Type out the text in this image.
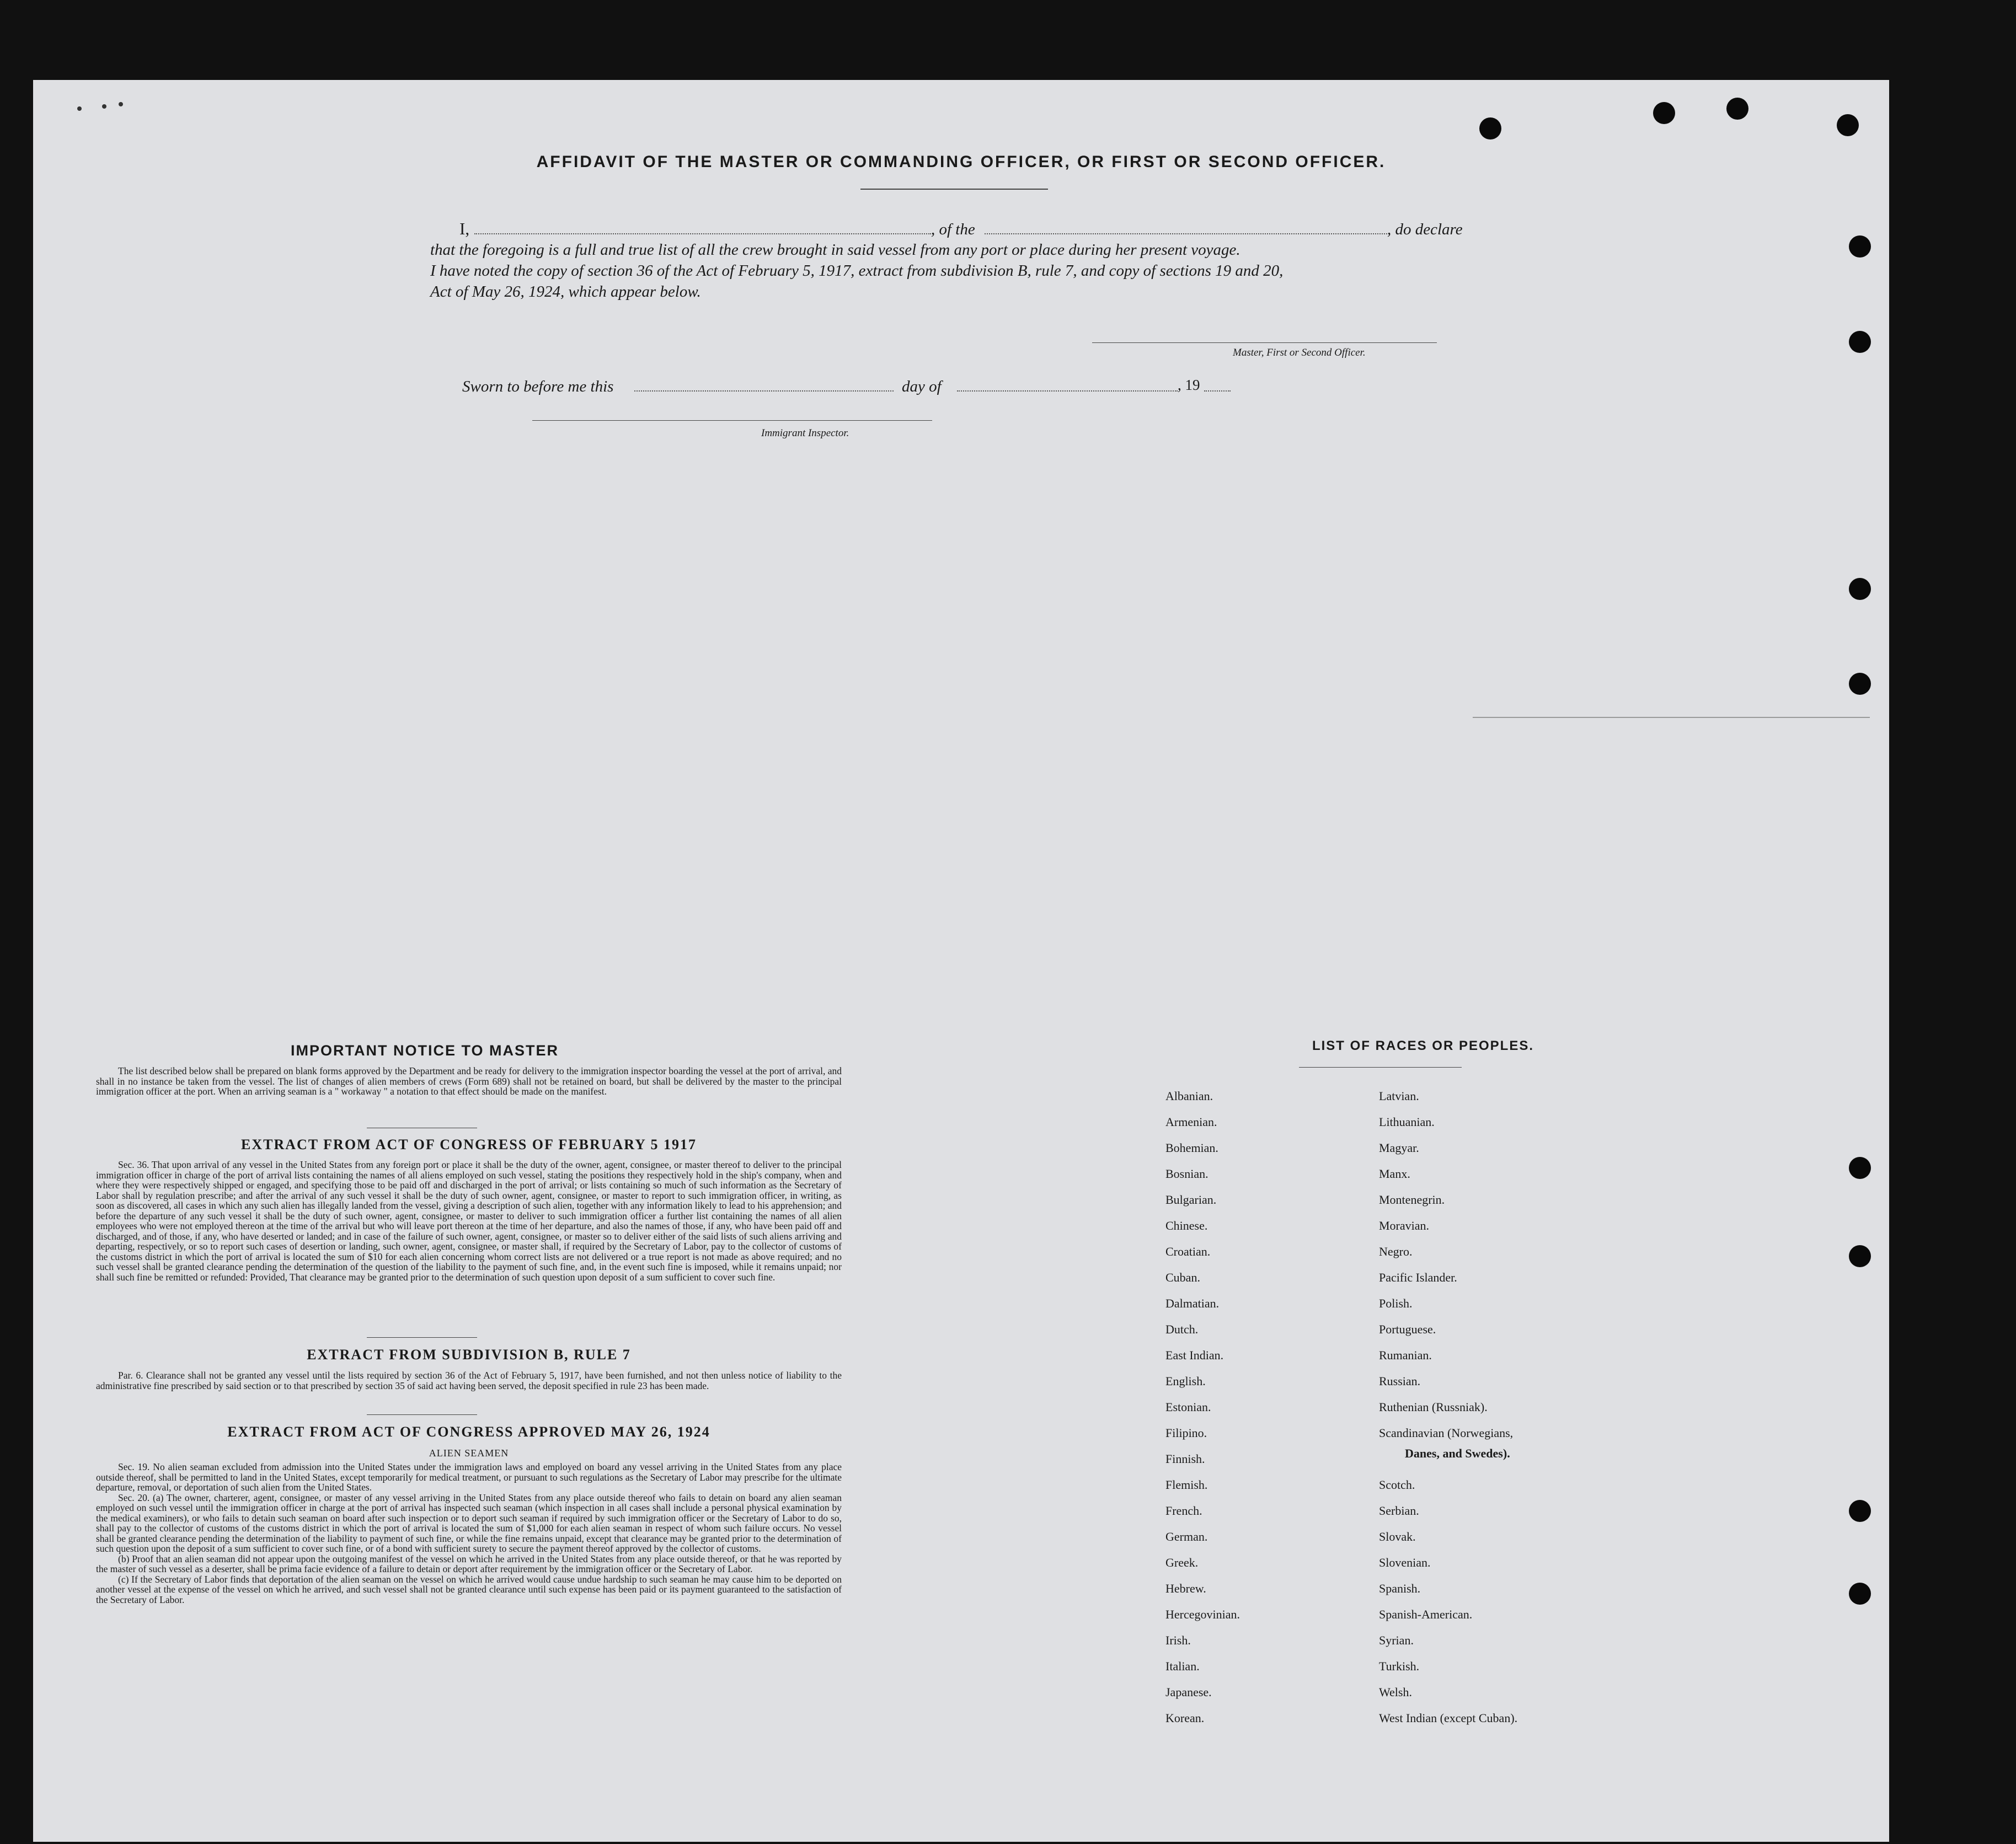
AFFIDAVIT OF THE MASTER OR COMMANDING OFFICER, OR FIRST OR SECOND OFFICER.
I,	, of the	, do declare
that the foregoing is a full and true list of all the crew brought in said vessel from any port or place during her present voyage.
I have noted the copy of section 36 of the Act of February 5, 1917, extract from subdivision B, rule 7, and copy of sections 19 and 20,
Act of May 26, 1924, which appear below.
Master, First or Second Officer.
Sworn to before me this	day of	, 19
Immigrant Inspector.
IMPORTANT NOTICE TO MASTER
The list described below shall be prepared on blank forms approved by the Department and be ready for delivery to the immigration inspector boarding the vessel at the port of arrival, and shall in no instance be taken from the vessel. The list of changes of alien members of crews (Form 689) shall not be retained on board, but shall be delivered by the master to the principal immigration officer at the port. When an arriving seaman is a " workaway " a notation to that effect should be made on the manifest.
EXTRACT FROM ACT OF CONGRESS OF FEBRUARY 5 1917
Sec. 36. That upon arrival of any vessel in the United States from any foreign port or place it shall be the duty of the owner, agent, consignee, or master thereof to deliver to the principal immigration officer in charge of the port of arrival lists containing the names of all aliens employed on such vessel, stating the positions they respectively hold in the ship's company, when and where they were respectively shipped or engaged, and specifying those to be paid off and discharged in the port of arrival; or lists containing so much of such information as the Secretary of Labor shall by regulation prescribe; and after the arrival of any such vessel it shall be the duty of such owner, agent, consignee, or master to report to such immigration officer, in writing, as soon as discovered, all cases in which any such alien has illegally landed from the vessel, giving a description of such alien, together with any information likely to lead to his apprehension; and before the departure of any such vessel it shall be the duty of such owner, agent, consignee, or master to deliver to such immigration officer a further list containing the names of all alien employees who were not employed thereon at the time of the arrival but who will leave port thereon at the time of her departure, and also the names of those, if any, who have been paid off and discharged, and of those, if any, who have deserted or landed; and in case of the failure of such owner, agent, consignee, or master so to deliver either of the said lists of such aliens arriving and departing, respectively, or so to report such cases of desertion or landing, such owner, agent, consignee, or master shall, if required by the Secretary of Labor, pay to the collector of customs of the customs district in which the port of arrival is located the sum of $10 for each alien concerning whom correct lists are not delivered or a true report is not made as above required; and no such vessel shall be granted clearance pending the determination of the question of the liability to the payment of such fine, and, in the event such fine is imposed, while it remains unpaid; nor shall such fine be remitted or refunded: Provided, That clearance may be granted prior to the determination of such question upon deposit of a sum sufficient to cover such fine.
EXTRACT FROM SUBDIVISION B, RULE 7
Par. 6. Clearance shall not be granted any vessel until the lists required by section 36 of the Act of February 5, 1917, have been furnished, and not then unless notice of liability to the administrative fine prescribed by said section or to that prescribed by section 35 of said act having been served, the deposit specified in rule 23 has been made.
EXTRACT FROM ACT OF CONGRESS APPROVED MAY 26, 1924
ALIEN SEAMEN
Sec. 19. No alien seaman excluded from admission into the United States under the immigration laws and employed on board any vessel arriving in the United States from any place outside thereof, shall be permitted to land in the United States, except temporarily for medical treatment, or pursuant to such regulations as the Secretary of Labor may prescribe for the ultimate departure, removal, or deportation of such alien from the United States.
Sec. 20. (a) The owner, charterer, agent, consignee, or master of any vessel arriving in the United States from any place outside thereof who fails to detain on board any alien seaman employed on such vessel until the immigration officer in charge at the port of arrival has inspected such seaman (which inspection in all cases shall include a personal physical examination by the medical examiners), or who fails to detain such seaman on board after such inspection or to deport such seaman if required by such immigration officer or the Secretary of Labor to do so, shall pay to the collector of customs of the customs district in which the port of arrival is located the sum of $1,000 for each alien seaman in respect of whom such failure occurs. No vessel shall be granted clearance pending the determination of the liability to payment of such fine, or while the fine remains unpaid, except that clearance may be granted prior to the determination of such question upon the deposit of a sum sufficient to cover such fine, or of a bond with sufficient surety to secure the payment thereof approved by the collector of customs.
(b) Proof that an alien seaman did not appear upon the outgoing manifest of the vessel on which he arrived in the United States from any place outside thereof, or that he was reported by the master of such vessel as a deserter, shall be prima facie evidence of a failure to detain or deport after requirement by the immigration officer or the Secretary of Labor.
(c) If the Secretary of Labor finds that deportation of the alien seaman on the vessel on which he arrived would cause undue hardship to such seaman he may cause him to be deported on another vessel at the expense of the vessel on which he arrived, and such vessel shall not be granted clearance until such expense has been paid or its payment guaranteed to the satisfaction of the Secretary of Labor.
LIST OF RACES OR PEOPLES.
Albanian.
Armenian.
Bohemian.
Bosnian.
Bulgarian.
Chinese.
Croatian.
Cuban.
Dalmatian.
Dutch.
East Indian.
English.
Estonian.
Filipino.
Finnish.
Flemish.
French.
German.
Greek.
Hebrew.
Hercegovinian.
Irish.
Italian.
Japanese.
Korean.
Latvian.
Lithuanian.
Magyar.
Manx.
Montenegrin.
Moravian.
Negro.
Pacific Islander.
Polish.
Portuguese.
Rumanian.
Russian.
Ruthenian (Russniak).
Scandinavian (Norwegians,
Danes, and Swedes).
Scotch.
Serbian.
Slovak.
Slovenian.
Spanish.
Spanish-American.
Syrian.
Turkish.
Welsh.
West Indian (except Cuban).
